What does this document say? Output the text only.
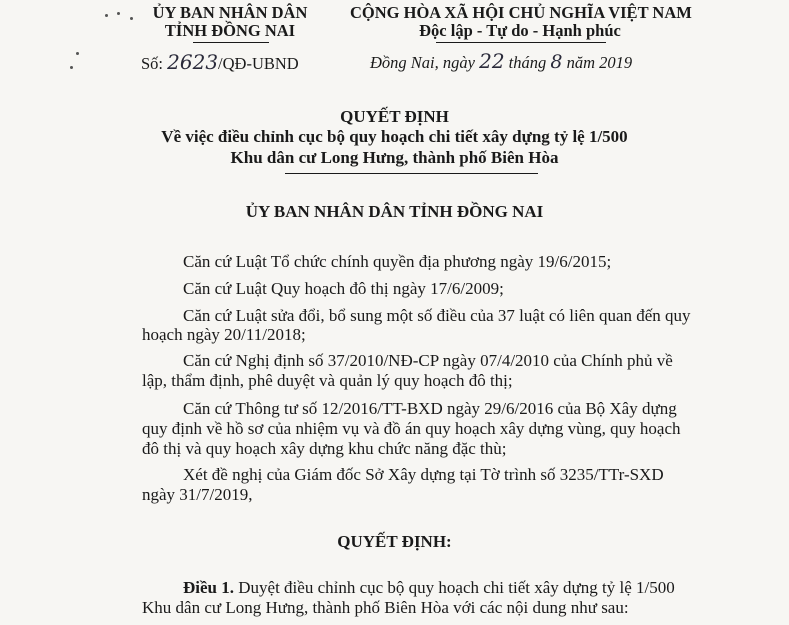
ỦY BAN NHÂN DÂN
TỈNH ĐỒNG NAI
Số: 2623/QĐ-UBND
CỘNG HÒA XÃ HỘI CHỦ NGHĨA VIỆT NAM
Độc lập - Tự do - Hạnh phúc
Đồng Nai, ngày 22 tháng 8 năm 2019
QUYẾT ĐỊNH
Về việc điều chỉnh cục bộ quy hoạch chi tiết xây dựng tỷ lệ 1/500
Khu dân cư Long Hưng, thành phố Biên Hòa
ỦY BAN NHÂN DÂN TỈNH ĐỒNG NAI

Căn cứ Luật Tổ chức chính quyền địa phương ngày 19/6/2015;

Căn cứ Luật Quy hoạch đô thị ngày 17/6/2009;

Căn cứ Luật sửa đổi, bổ sung một số điều của 37 luật có liên quan đến quy

hoạch ngày 20/11/2018;

Căn cứ Nghị định số 37/2010/NĐ-CP ngày 07/4/2010 của Chính phủ về

lập, thẩm định, phê duyệt và quản lý quy hoạch đô thị;

Căn cứ Thông tư số 12/2016/TT-BXD ngày 29/6/2016 của Bộ Xây dựng

quy định về hồ sơ của nhiệm vụ và đồ án quy hoạch xây dựng vùng, quy hoạch

đô thị và quy hoạch xây dựng khu chức năng đặc thù;

Xét đề nghị của Giám đốc Sở Xây dựng tại Tờ trình số 3235/TTr-SXD

ngày 31/7/2019,

QUYẾT ĐỊNH:

Điều 1. Duyệt điều chỉnh cục bộ quy hoạch chi tiết xây dựng tỷ lệ 1/500

Khu dân cư Long Hưng, thành phố Biên Hòa với các nội dung như sau:
